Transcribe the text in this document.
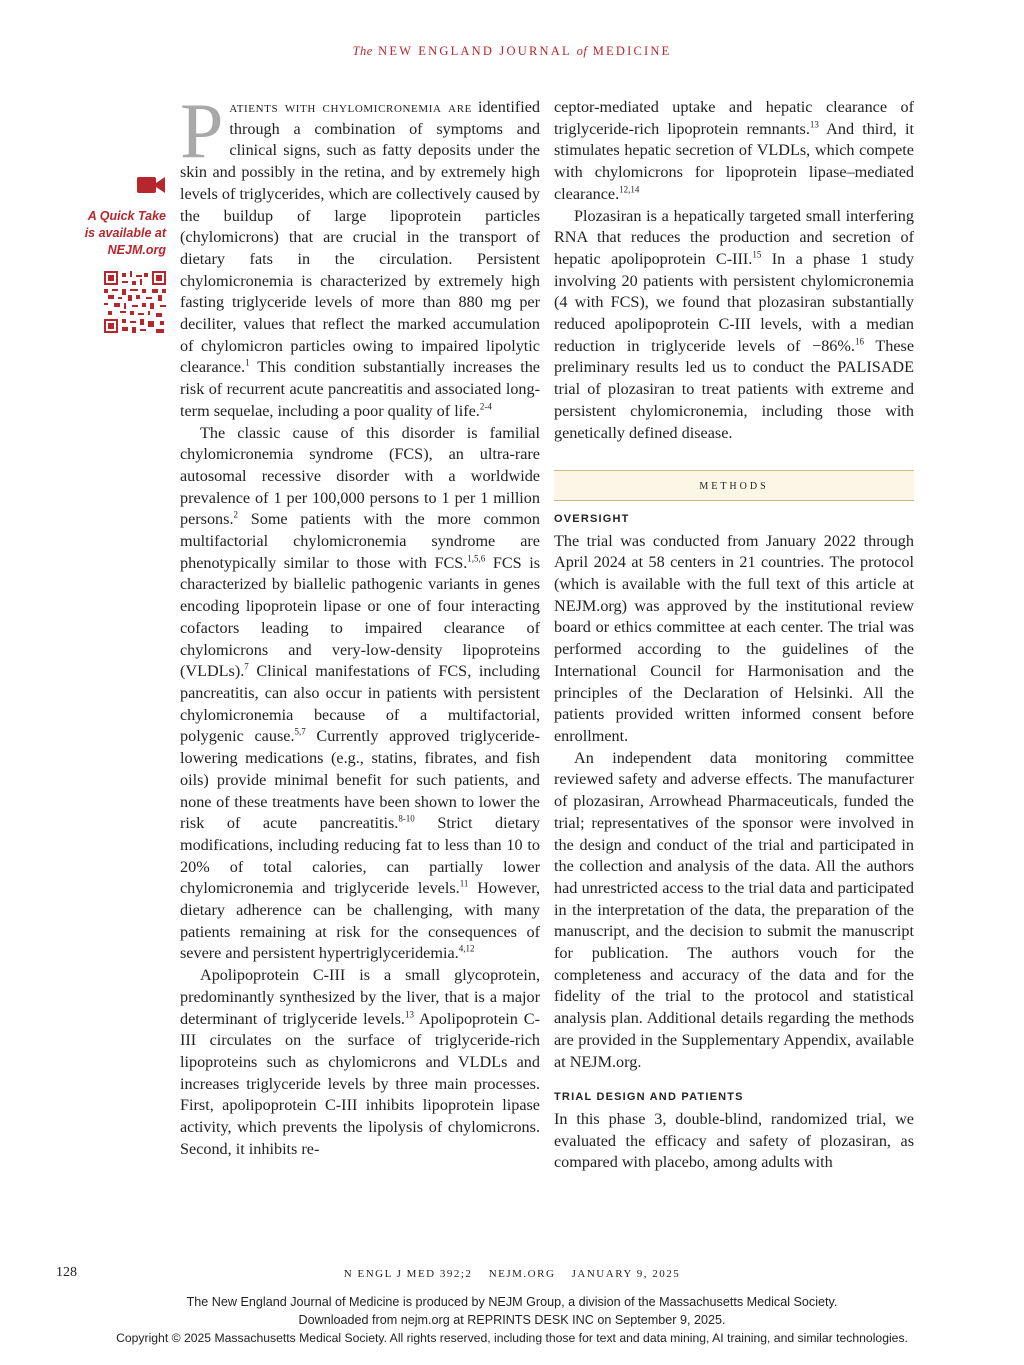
The NEW ENGLAND JOURNAL of MEDICINE

A Quick Take
is available at
NEJM.org

Patients with chylomicronemia are identified through a combination of symptoms and clinical signs, such as fatty deposits under the skin and possibly in the retina, and by extremely high levels of triglycerides, which are collectively caused by the buildup of large lipoprotein particles (chylomicrons) that are crucial in the transport of dietary fats in the circulation. Persistent chylomicronemia is characterized by extremely high fasting triglyceride levels of more than 880 mg per deciliter, values that reflect the marked accumulation of chylomicron particles owing to impaired lipolytic clearance.$^1$ This condition substantially increases the risk of recurrent acute pancreatitis and associated long-term sequelae, including a poor quality of life.$^{2-4}$

The classic cause of this disorder is familial chylomicronemia syndrome (FCS), an ultra-rare autosomal recessive disorder with a worldwide prevalence of 1 per 100,000 persons to 1 per 1 million persons.$^2$ Some patients with the more common multifactorial chylomicronemia syndrome are phenotypically similar to those with FCS.$^{1,5,6}$ FCS is characterized by biallelic pathogenic variants in genes encoding lipoprotein lipase or one of four interacting cofactors leading to impaired clearance of chylomicrons and very-low-density lipoproteins (VLDLs).$^7$ Clinical manifestations of FCS, including pancreatitis, can also occur in patients with persistent chylomicronemia because of a multifactorial, polygenic cause.$^{5,7}$ Currently approved triglyceride-lowering medications (e.g., statins, fibrates, and fish oils) provide minimal benefit for such patients, and none of these treatments have been shown to lower the risk of acute pancreatitis.$^{8-10}$ Strict dietary modifications, including reducing fat to less than 10 to 20% of total calories, can partially lower chylomicronemia and triglyceride levels.$^{11}$ However, dietary adherence can be challenging, with many patients remaining at risk for the consequences of severe and persistent hypertriglyceridemia.$^{4,12}$

Apolipoprotein C-III is a small glycoprotein, predominantly synthesized by the liver, that is a major determinant of triglyceride levels.$^{13}$ Apolipoprotein C-III circulates on the surface of triglyceride-rich lipoproteins such as chylomicrons and VLDLs and increases triglyceride levels by three main processes. First, apolipoprotein C-III inhibits lipoprotein lipase activity, which prevents the lipolysis of chylomicrons. Second, it inhibits re-

ceptor-mediated uptake and hepatic clearance of triglyceride-rich lipoprotein remnants.$^{13}$ And third, it stimulates hepatic secretion of VLDLs, which compete with chylomicrons for lipoprotein lipase–mediated clearance.$^{12,14}$

Plozasiran is a hepatically targeted small interfering RNA that reduces the production and secretion of hepatic apolipoprotein C-III.$^{15}$ In a phase 1 study involving 20 patients with persistent chylomicronemia (4 with FCS), we found that plozasiran substantially reduced apolipoprotein C-III levels, with a median reduction in triglyceride levels of −86%.$^{16}$ These preliminary results led us to conduct the PALISADE trial of plozasiran to treat patients with extreme and persistent chylomicronemia, including those with genetically defined disease.

methods
OVERSIGHT

The trial was conducted from January 2022 through April 2024 at 58 centers in 21 countries. The protocol (which is available with the full text of this article at NEJM.org) was approved by the institutional review board or ethics committee at each center. The trial was performed according to the guidelines of the International Council for Harmonisation and the principles of the Declaration of Helsinki. All the patients provided written informed consent before enrollment.

An independent data monitoring committee reviewed safety and adverse effects. The manufacturer of plozasiran, Arrowhead Pharmaceuticals, funded the trial; representatives of the sponsor were involved in the design and conduct of the trial and participated in the collection and analysis of the data. All the authors had unrestricted access to the trial data and participated in the interpretation of the data, the preparation of the manuscript, and the decision to submit the manuscript for publication. The authors vouch for the completeness and accuracy of the data and for the fidelity of the trial to the protocol and statistical analysis plan. Additional details regarding the methods are provided in the Supplementary Appendix, available at NEJM.org.

TRIAL DESIGN AND PATIENTS

In this phase 3, double-blind, randomized trial, we evaluated the efficacy and safety of plozasiran, as compared with placebo, among adults with

128	N ENGL J MED 392;2 NEJM.ORG JANUARY 9, 2025
The New England Journal of Medicine is produced by NEJM Group, a division of the Massachusetts Medical Society.
Downloaded from nejm.org at REPRINTS DESK INC on September 9, 2025.
Copyright © 2025 Massachusetts Medical Society. All rights reserved, including those for text and data mining, AI training, and similar technologies.
